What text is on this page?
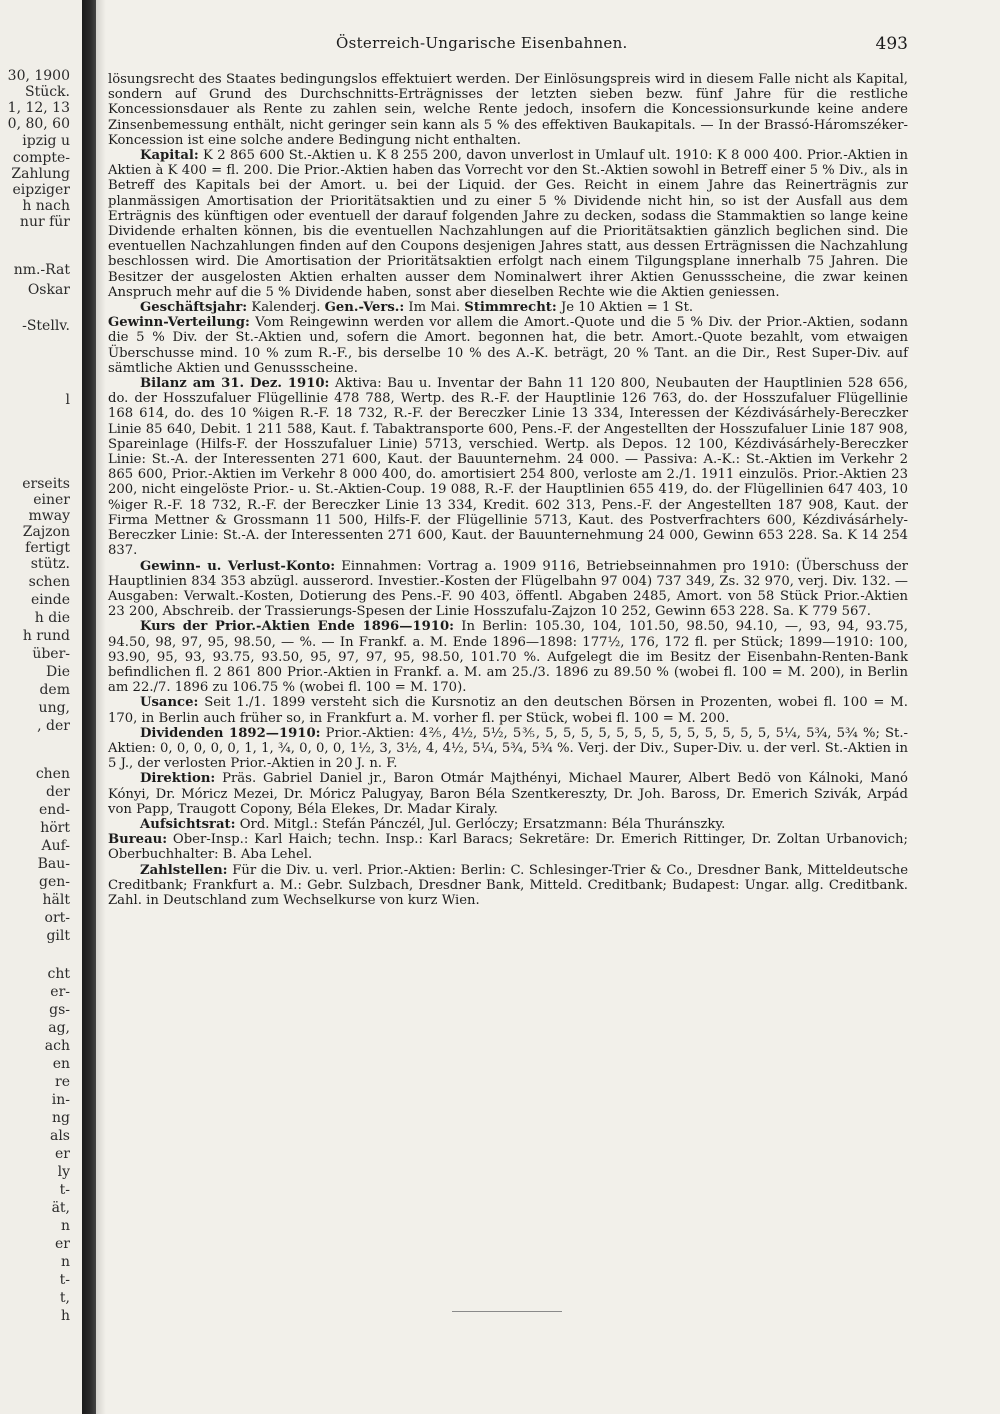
30, 1900
Stück.
1, 12, 13
0, 80, 60
ipzig u
compte-
Zahlung
eipziger
h nach
nur für
nm.-Rat
Oskar
-Stellv.
l
erseits
einer
mway
Zajzon
fertigt
stütz.
schen
einde
h die
h rund
über-
Die
dem
ung,
, der
chen
der
end-
hört
Auf-
Bau-
gen-
hält
ort-
gilt
cht
er-
gs-
ag,
ach
en
re
in-
ng
als
er
ly
t-
ät,
n
er
n
t-
t,
h
Österreich-Ungarische Eisenbahnen.	493

lösungsrecht des Staates bedingungslos effektuiert werden. Der Einlösungspreis wird in diesem Falle nicht als Kapital, sondern auf Grund des Durchschnitts-Erträgnisses der letzten sieben bezw. fünf Jahre für die restliche Koncessionsdauer als Rente zu zahlen sein, welche Rente jedoch, insofern die Koncessionsurkunde keine andere Zinsenbemessung enthält, nicht geringer sein kann als 5 % des effektiven Baukapitals. — In der Brassó-Háromszéker-Koncession ist eine solche andere Bedingung nicht enthalten.

Kapital: K 2 865 600 St.-Aktien u. K 8 255 200, davon unverlost in Umlauf ult. 1910: K 8 000 400. Prior.-Aktien in Aktien à K 400 = fl. 200. Die Prior.-Aktien haben das Vorrecht vor den St.-Aktien sowohl in Betreff einer 5 % Div., als in Betreff des Kapitals bei der Amort. u. bei der Liquid. der Ges. Reicht in einem Jahre das Reinerträgnis zur planmässigen Amortisation der Prioritätsaktien und zu einer 5 % Dividende nicht hin, so ist der Ausfall aus dem Erträgnis des künftigen oder eventuell der darauf folgenden Jahre zu decken, sodass die Stammaktien so lange keine Dividende erhalten können, bis die eventuellen Nachzahlungen auf die Prioritätsaktien gänzlich beglichen sind. Die eventuellen Nachzahlungen finden auf den Coupons desjenigen Jahres statt, aus dessen Erträgnissen die Nachzahlung beschlossen wird. Die Amortisation der Prioritätsaktien erfolgt nach einem Tilgungsplane innerhalb 75 Jahren. Die Besitzer der ausgelosten Aktien erhalten ausser dem Nominalwert ihrer Aktien Genussscheine, die zwar keinen Anspruch mehr auf die 5 % Dividende haben, sonst aber dieselben Rechte wie die Aktien geniessen.

Geschäftsjahr: Kalenderj. Gen.-Vers.: Im Mai. Stimmrecht: Je 10 Aktien = 1 St.

Gewinn-Verteilung: Vom Reingewinn werden vor allem die Amort.-Quote und die 5 % Div. der Prior.-Aktien, sodann die 5 % Div. der St.-Aktien und, sofern die Amort. begonnen hat, die betr. Amort.-Quote bezahlt, vom etwaigen Überschusse mind. 10 % zum R.-F., bis derselbe 10 % des A.-K. beträgt, 20 % Tant. an die Dir., Rest Super-Div. auf sämtliche Aktien und Genussscheine.

Bilanz am 31. Dez. 1910: Aktiva: Bau u. Inventar der Bahn 11 120 800, Neubauten der Hauptlinien 528 656, do. der Hosszufaluer Flügellinie 478 788, Wertp. des R.-F. der Hauptlinie 126 763, do. der Hosszufaluer Flügellinie 168 614, do. des 10 %igen R.-F. 18 732, R.-F. der Bereczker Linie 13 334, Interessen der Kézdivásárhely-Bereczker Linie 85 640, Debit. 1 211 588, Kaut. f. Tabaktransporte 600, Pens.-F. der Angestellten der Hosszufaluer Linie 187 908, Spareinlage (Hilfs-F. der Hosszufaluer Linie) 5713, verschied. Wertp. als Depos. 12 100, Kézdivásárhely-Bereczker Linie: St.-A. der Interessenten 271 600, Kaut. der Bauunternehm. 24 000. — Passiva: A.-K.: St.-Aktien im Verkehr 2 865 600, Prior.-Aktien im Verkehr 8 000 400, do. amortisiert 254 800, verloste am 2./1. 1911 einzulös. Prior.-Aktien 23 200, nicht eingelöste Prior.- u. St.-Aktien-Coup. 19 088, R.-F. der Hauptlinien 655 419, do. der Flügellinien 647 403, 10 %iger R.-F. 18 732, R.-F. der Bereczker Linie 13 334, Kredit. 602 313, Pens.-F. der Angestellten 187 908, Kaut. der Firma Mettner & Grossmann 11 500, Hilfs-F. der Flügellinie 5713, Kaut. des Postverfrachters 600, Kézdivásárhely-Bereczker Linie: St.-A. der Interessenten 271 600, Kaut. der Bauunternehmung 24 000, Gewinn 653 228. Sa. K 14 254 837.

Gewinn- u. Verlust-Konto: Einnahmen: Vortrag a. 1909 9116, Betriebseinnahmen pro 1910: (Überschuss der Hauptlinien 834 353 abzügl. ausserord. Investier.-Kosten der Flügelbahn 97 004) 737 349, Zs. 32 970, verj. Div. 132. — Ausgaben: Verwalt.-Kosten, Dotierung des Pens.-F. 90 403, öffentl. Abgaben 2485, Amort. von 58 Stück Prior.-Aktien 23 200, Abschreib. der Trassierungs-Spesen der Linie Hosszufalu-Zajzon 10 252, Gewinn 653 228. Sa. K 779 567.

Kurs der Prior.-Aktien Ende 1896—1910: In Berlin: 105.30, 104, 101.50, 98.50, 94.10, —, 93, 94, 93.75, 94.50, 98, 97, 95, 98.50, — %. — In Frankf. a. M. Ende 1896—1898: 177½, 176, 172 fl. per Stück; 1899—1910: 100, 93.90, 95, 93, 93.75, 93.50, 95, 97, 97, 95, 98.50, 101.70 %. Aufgelegt die im Besitz der Eisenbahn-Renten-Bank befindlichen fl. 2 861 800 Prior.-Aktien in Frankf. a. M. am 25./3. 1896 zu 89.50 % (wobei fl. 100 = M. 200), in Berlin am 22./7. 1896 zu 106.75 % (wobei fl. 100 = M. 170).

Usance: Seit 1./1. 1899 versteht sich die Kursnotiz an den deutschen Börsen in Prozenten, wobei fl. 100 = M. 170, in Berlin auch früher so, in Frankfurt a. M. vorher fl. per Stück, wobei fl. 100 = M. 200.

Dividenden 1892—1910: Prior.-Aktien: 4⅖, 4½, 5½, 5⅗, 5, 5, 5, 5, 5, 5, 5, 5, 5, 5, 5, 5, 5, 5¼, 5¾, 5¾ %; St.-Aktien: 0, 0, 0, 0, 0, 1, 1, ¾, 0, 0, 0, 1½, 3, 3½, 4, 4½, 5¼, 5¾, 5¾ %. Verj. der Div., Super-Div. u. der verl. St.-Aktien in 5 J., der verlosten Prior.-Aktien in 20 J. n. F.

Direktion: Präs. Gabriel Daniel jr., Baron Otmár Majthényi, Michael Maurer, Albert Bedö von Kálnoki, Manó Kónyi, Dr. Móricz Mezei, Dr. Móricz Palugyay, Baron Béla Szentkereszty, Dr. Joh. Baross, Dr. Emerich Szivák, Arpád von Papp, Traugott Copony, Béla Elekes, Dr. Madar Kiraly.

Aufsichtsrat: Ord. Mitgl.: Stefán Pánczél, Jul. Gerlóczy; Ersatzmann: Béla Thuránszky.

Bureau: Ober-Insp.: Karl Haich; techn. Insp.: Karl Baracs; Sekretäre: Dr. Emerich Rittinger, Dr. Zoltan Urbanovich; Oberbuchhalter: B. Aba Lehel.

Zahlstellen: Für die Div. u. verl. Prior.-Aktien: Berlin: C. Schlesinger-Trier & Co., Dresdner Bank, Mitteldeutsche Creditbank; Frankfurt a. M.: Gebr. Sulzbach, Dresdner Bank, Mitteld. Creditbank; Budapest: Ungar. allg. Creditbank. Zahl. in Deutschland zum Wechselkurse von kurz Wien.
